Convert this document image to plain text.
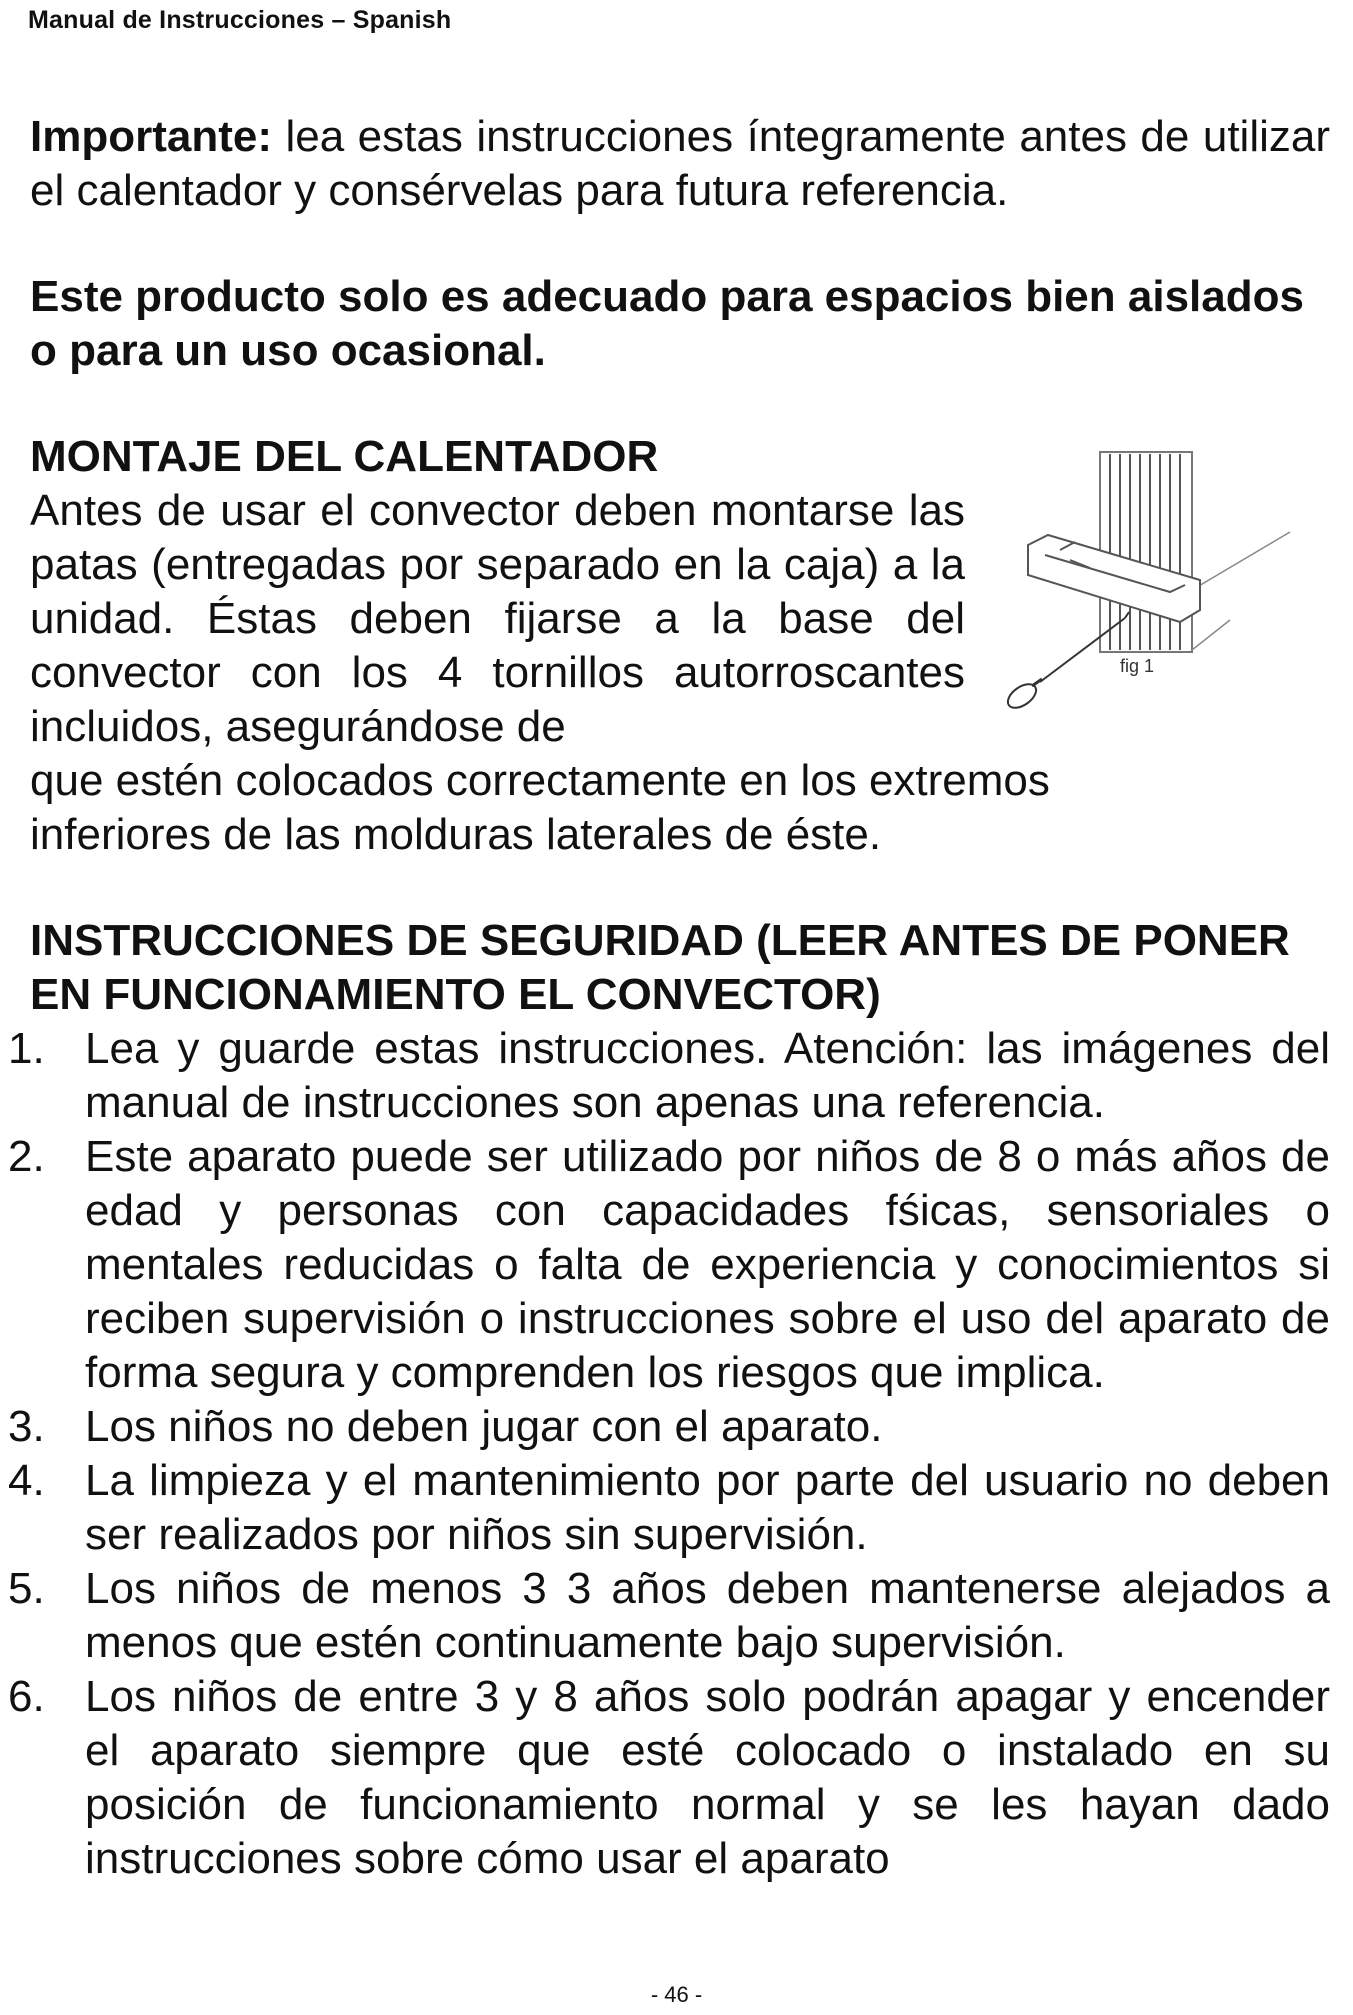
Manual de Instrucciones – Spanish

Importante: lea estas instrucciones íntegramente antes de utilizar el calentador y consérvelas para futura referencia.

Este producto solo es adecuado para espacios bien aislados o para un uso ocasional.

MONTAJE DEL CALENTADOR

Antes de usar el convector deben montarse las patas (entregadas por separado en la caja) a la unidad. Éstas deben fijarse a la base del convector con los 4 tornillos autorroscantes incluidos, asegurándose de

que estén colocados correctamente en los extremos inferiores de las molduras laterales de éste.

fig 1

INSTRUCCIONES DE SEGURIDAD (LEER ANTES DE PONER EN FUNCIONAMIENTO EL CONVECTOR)

1. Lea y guarde estas instrucciones. Atención: las imágenes del manual de instrucciones son apenas una referencia.
2. Este aparato puede ser utilizado por niños de 8 o más años de edad y personas con capacidades fśicas, sensoriales o mentales reducidas o falta de experiencia y conocimientos si reciben supervisión o instrucciones sobre el uso del aparato de forma segura y comprenden los riesgos que implica.
3. Los niños no deben jugar con el aparato.
4. La limpieza y el mantenimiento por parte del usuario no deben ser realizados por niños sin supervisión.
5. Los niños de menos 3 3 años deben mantenerse alejados a menos que estén continuamente bajo supervisión.
6. Los niños de entre 3 y 8 años solo podrán apagar y encender el aparato siempre que esté colocado o instalado en su posición de funcionamiento normal y se les hayan dado instrucciones sobre cómo usar el aparato
- 46 -
